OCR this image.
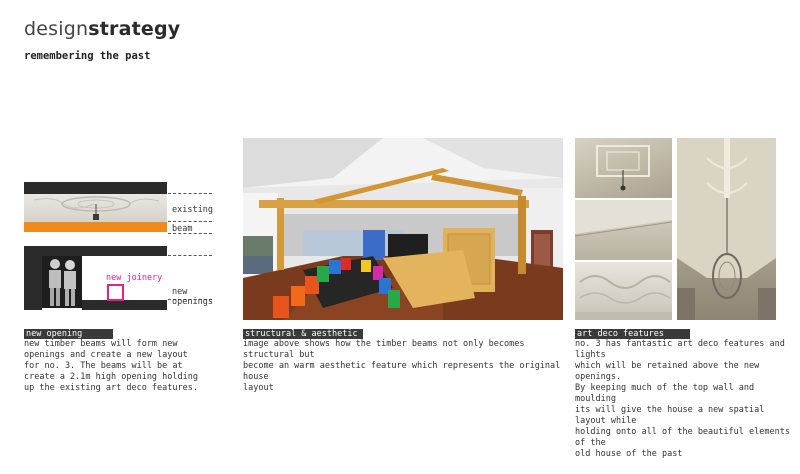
designstrategy
remembering the past
existing
beam
new joinery
new
openings
new opening
new timber beams will form new
openings and create a new layout
for no. 3. The beams will be at
create a 2.1m high opening holding
up the existing art deco features.
structural & aesthetic
image above shows how the timber beams not only becomes structural but
become an warm aesthetic feature which represents the original house
layout
art deco features
no. 3 has fantastic art deco features and lights
which will be retained above the new openings.
By keeping much of the top wall and moulding
its will give the house a new spatial layout while
holding onto all of the beautiful elements of the
old house of the past
